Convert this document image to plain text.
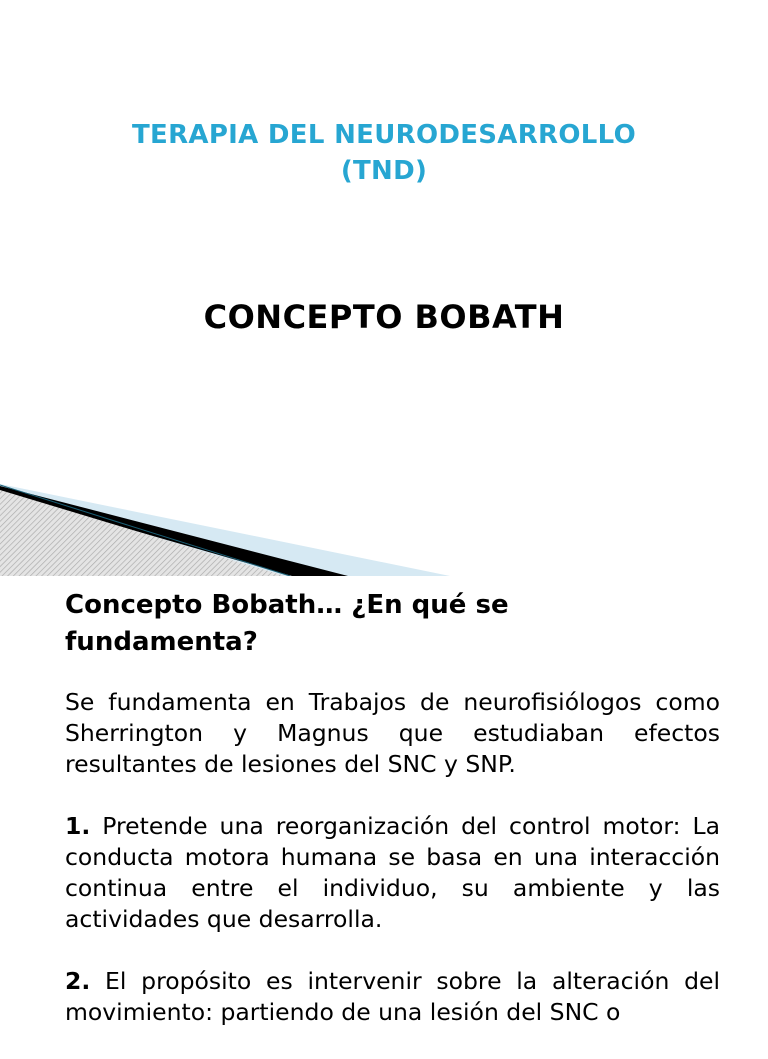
TERAPIA DEL NEURODESARROLLO
(TND)
CONCEPTO BOBATH
Concepto Bobath… ¿En qué se
fundamenta?

Se fundamenta en Trabajos de neurofisiólogos como Sherrington y Magnus que estudiaban efectos resultantes de lesiones del SNC y SNP.

1. Pretende una reorganización del control motor: La conducta motora humana se basa en una interacción continua entre el individuo, su ambiente y las actividades que desarrolla.

2. El propósito es intervenir sobre la alteración del movimiento: partiendo de una lesión del SNC o
